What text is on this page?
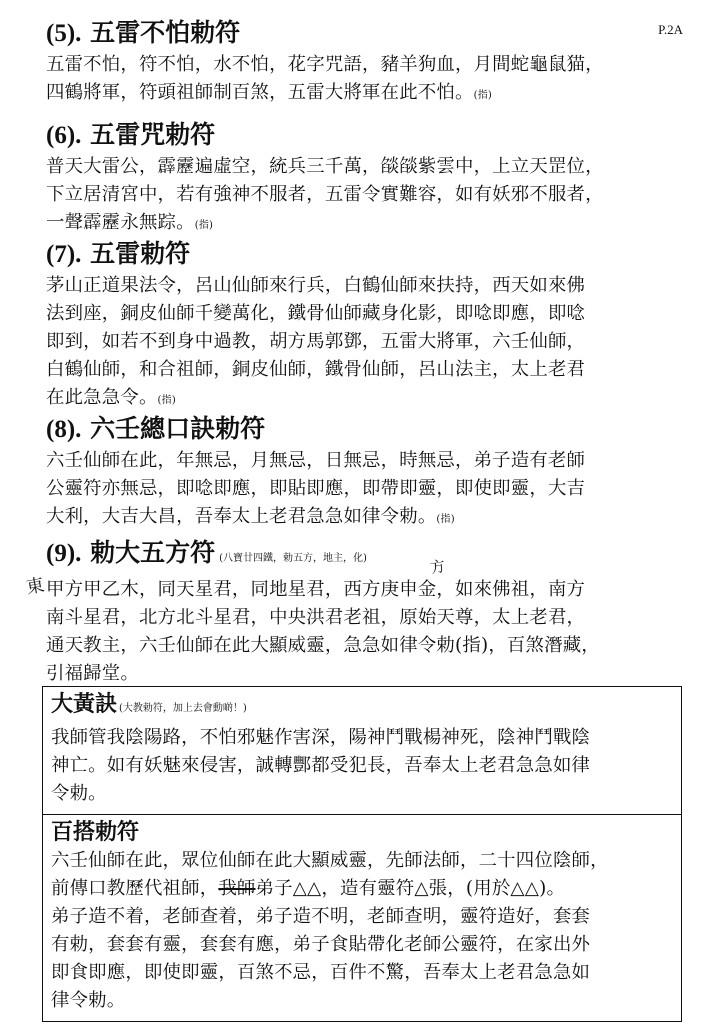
P.2A
(5). 五雷不怕勅符
五雷不怕，符不怕，水不怕，花字咒語，豬羊狗血，月間蛇龜鼠猫，
四鶴將軍，符頭祖師制百煞，五雷大將軍在此不怕。(指)
(6). 五雷咒勅符
普天大雷公，霹靂遍虛空，統兵三千萬，燄燄紫雲中，上立天罡位，
下立居清宮中，若有強神不服者，五雷令實難容，如有妖邪不服者，
一聲霹靂永無踪。(指)
(7). 五雷勅符
茅山正道果法令，呂山仙師來行兵，白鶴仙師來扶持，西天如來佛
法到座，銅皮仙師千變萬化，鐵骨仙師藏身化影，即唸即應，即唸
即到，如若不到身中過教，胡方馬郭鄧，五雷大將軍，六壬仙師，
白鶴仙師，和合祖師，銅皮仙師，鐵骨仙師，呂山法主，太上老君
在此急急令。(指)
(8). 六壬總口訣勅符
六壬仙師在此，年無忌，月無忌，日無忌，時無忌，弟子造有老師
公靈符亦無忌，即唸即應，即貼即應，即帶即靈，即使即靈，大吉
大利，大吉大昌，吾奉太上老君急急如律令勅。(指)
(9). 勅大五方符 (八寶廿四鐵，勅五方，地主，化)
甲方甲乙木，同天星君，同地星君，西方庚申金，如來佛祖，南方
南斗星君，北方北斗星君，中央洪君老祖，原始天尊，太上老君，
通天教主，六壬仙師在此大顯威靈，急急如律令勅(指)，百煞潛藏，
引福歸堂。
東
方
大黃訣 (大教勅符，加上去會動啲！)
我師管我陰陽路，不怕邪魅作害深，陽神鬥戰楊神死，陰神鬥戰陰
神亡。如有妖魅來侵害，誠轉酆都受犯長，吾奉太上老君急急如律
令勅。
百搭勅符
六壬仙師在此，眾位仙師在此大顯威靈，先師法師，二十四位陰師，
前傳口教歷代祖師，我師弟子△△，造有靈符△張，(用於△△)。
弟子造不着，老師查着，弟子造不明，老師查明，靈符造好，套套
有勅，套套有靈，套套有應，弟子食貼帶化老師公靈符，在家出外
即食即應，即使即靈，百煞不忌，百件不驚，吾奉太上老君急急如
律令勅。
